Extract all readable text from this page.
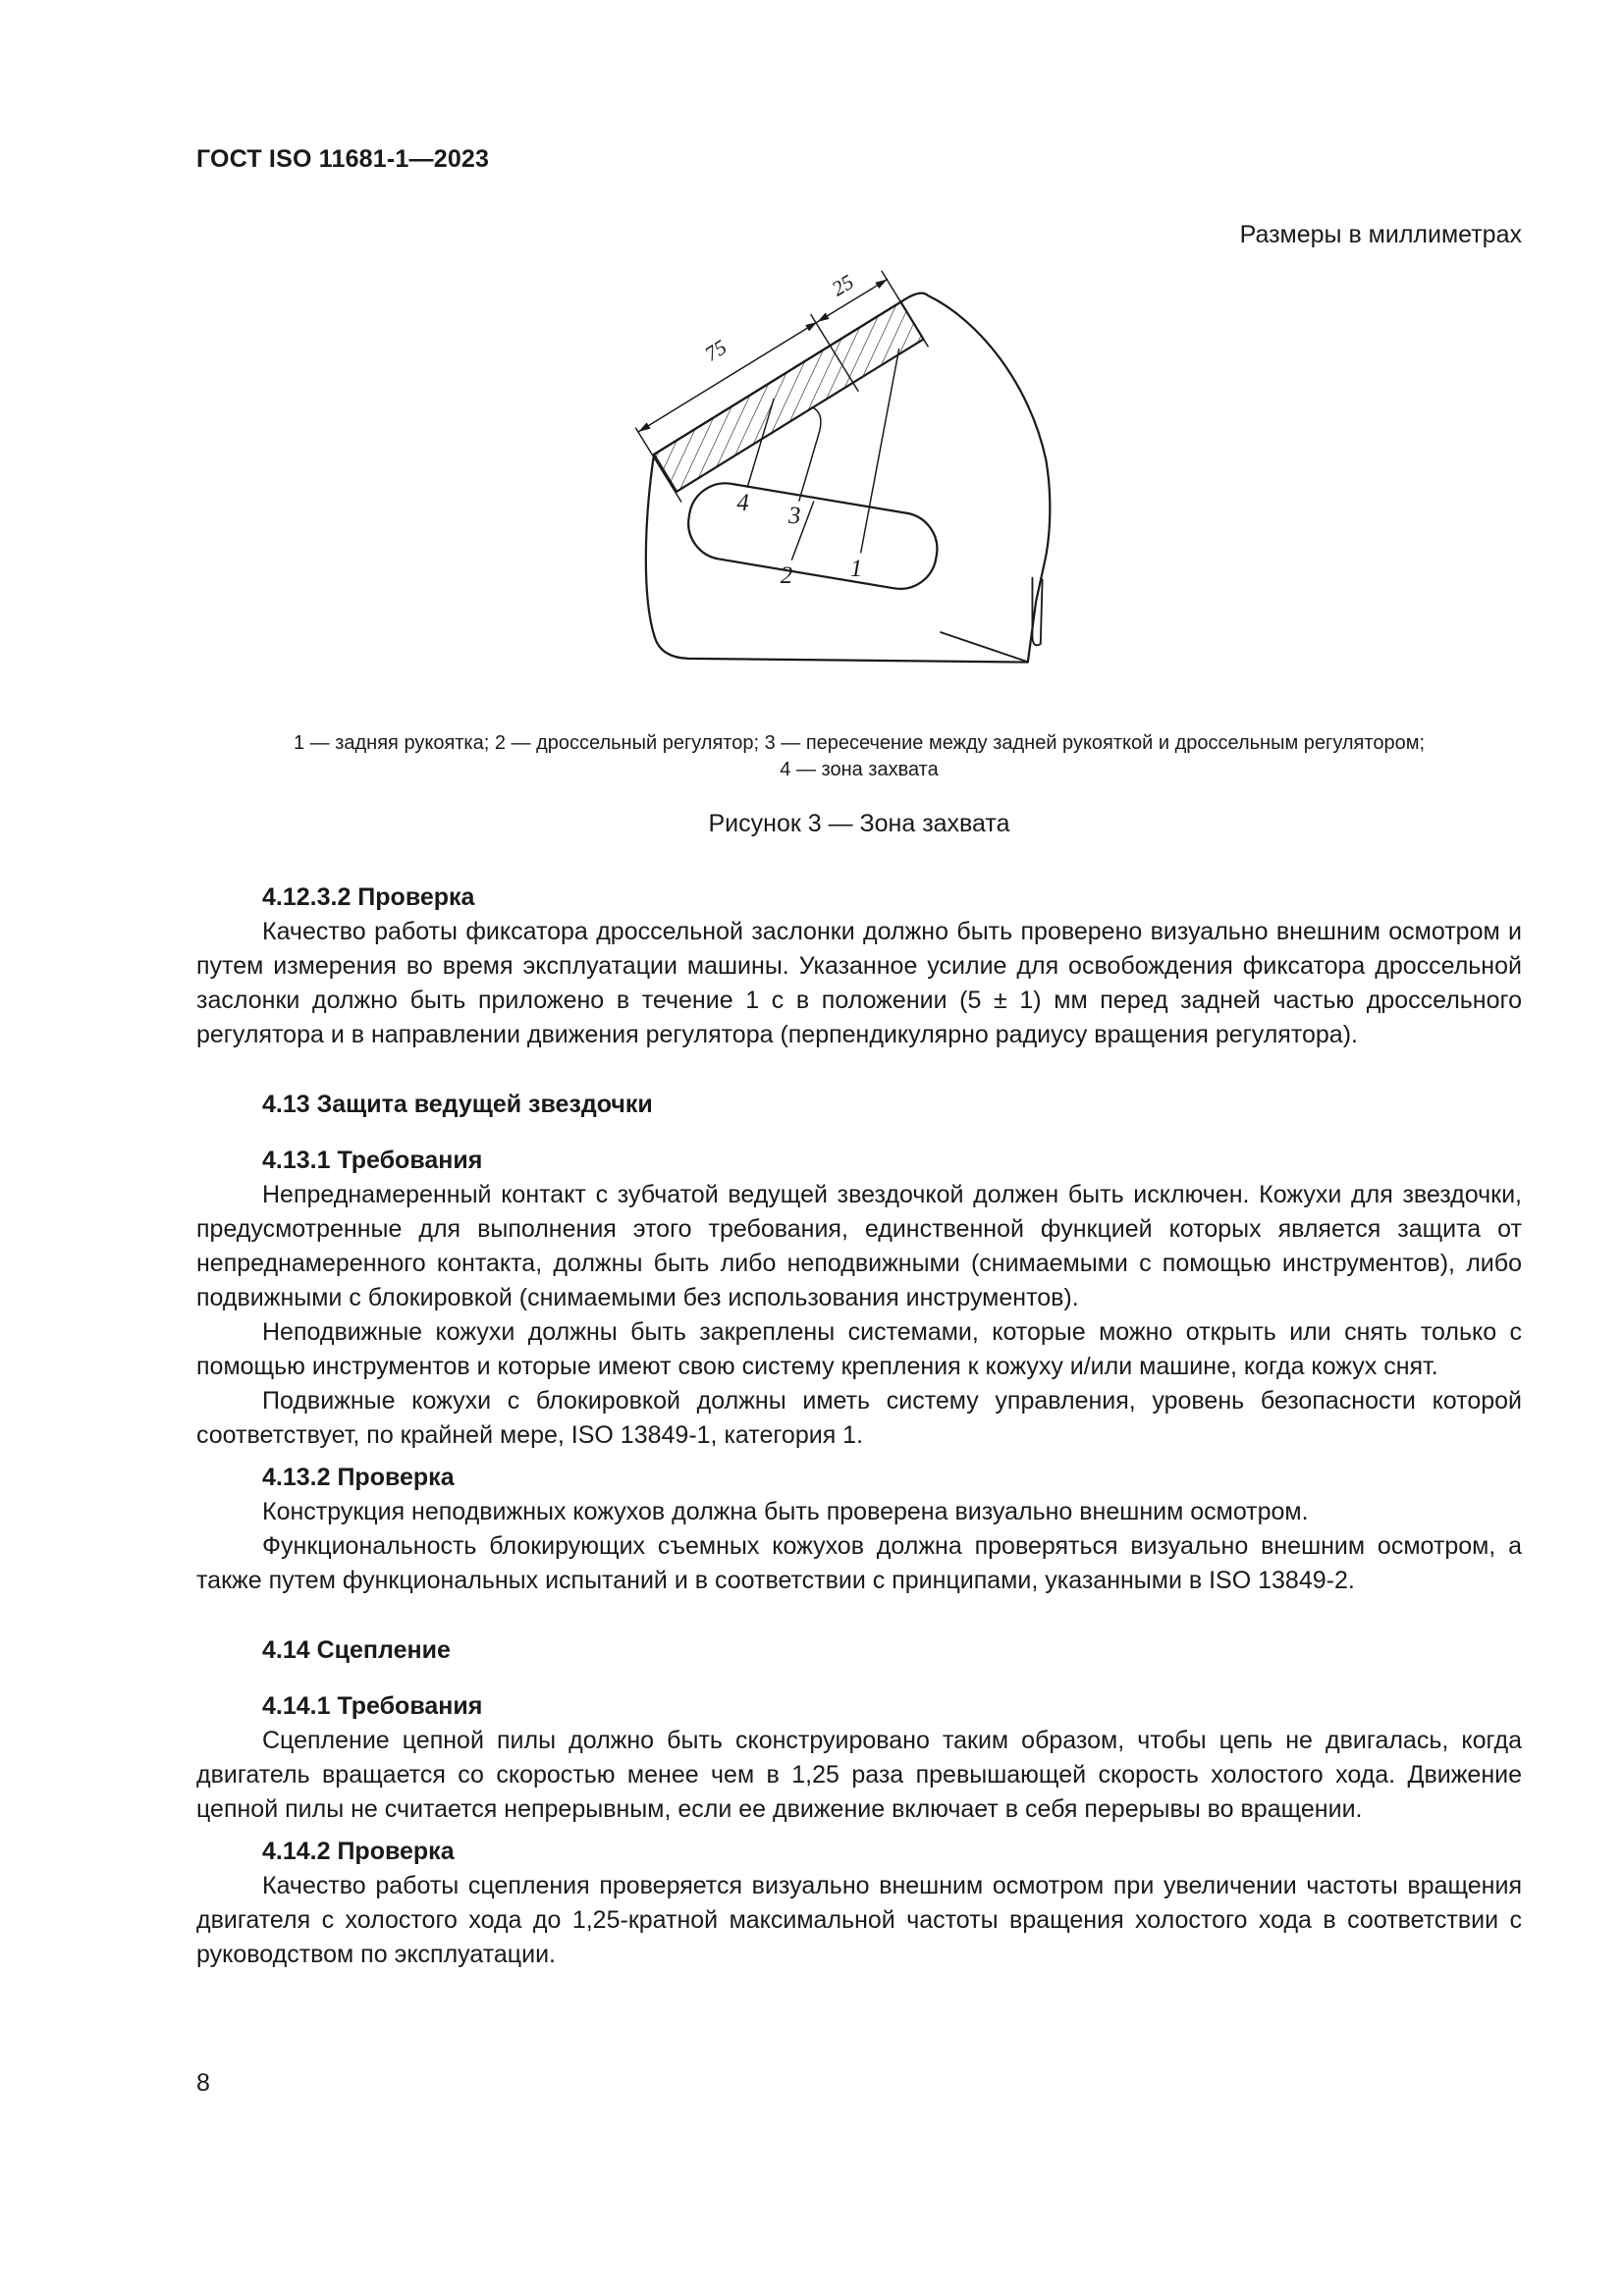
ГОСТ ISO 11681-1—2023
Размеры в миллиметрах
4 3
2 1
75
25
1 — задняя рукоятка; 2 — дроссельный регулятор; 3 — пересечение между задней рукояткой и дроссельным регулятором;
4 — зона захвата
Рисунок 3 — Зона захвата
4.12.3.2 Проверка

Качество работы фиксатора дроссельной заслонки должно быть проверено визуально внешним осмотром и путем измерения во время эксплуатации машины. Указанное усилие для освобождения фиксатора дроссельной заслонки должно быть приложено в течение 1 с в положении (5 ± 1) мм перед задней частью дроссельного регулятора и в направлении движения регулятора (перпендикулярно радиусу вращения регулятора).

4.13 Защита ведущей звездочки
4.13.1 Требования

Непреднамеренный контакт с зубчатой ведущей звездочкой должен быть исключен. Кожухи для звездочки, предусмотренные для выполнения этого требования, единственной функцией которых является защита от непреднамеренного контакта, должны быть либо неподвижными (снимаемыми с помощью инструментов), либо подвижными с блокировкой (снимаемыми без использования инструментов).

Неподвижные кожухи должны быть закреплены системами, которые можно открыть или снять только с помощью инструментов и которые имеют свою систему крепления к кожуху и/или машине, когда кожух снят.

Подвижные кожухи с блокировкой должны иметь систему управления, уровень безопасности которой соответствует, по крайней мере, ISO 13849-1, категория 1.

4.13.2 Проверка

Конструкция неподвижных кожухов должна быть проверена визуально внешним осмотром.

Функциональность блокирующих съемных кожухов должна проверяться визуально внешним осмотром, а также путем функциональных испытаний и в соответствии с принципами, указанными в ISO 13849-2.

4.14 Сцепление
4.14.1 Требования

Сцепление цепной пилы должно быть сконструировано таким образом, чтобы цепь не двигалась, когда двигатель вращается со скоростью менее чем в 1,25 раза превышающей скорость холостого хода. Движение цепной пилы не считается непрерывным, если ее движение включает в себя перерывы во вращении.

4.14.2 Проверка

Качество работы сцепления проверяется визуально внешним осмотром при увеличении частоты вращения двигателя с холостого хода до 1,25-кратной максимальной частоты вращения холостого хода в соответствии с руководством по эксплуатации.

8
